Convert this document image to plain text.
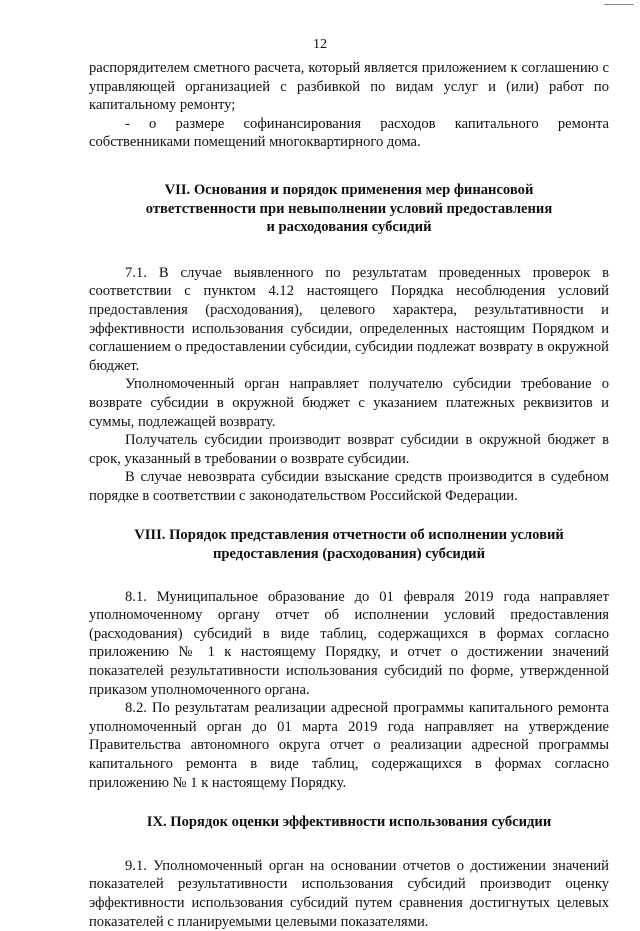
12

распорядителем сметного расчета, который является приложением к соглашению с управляющей организацией с разбивкой по видам услуг и (или) работ по капитальному ремонту;

- о размере софинансирования расходов капитального ремонта собственниками помещений многоквартирного дома.

VII. Основания и порядок применения мер финансовой
ответственности при невыполнении условий предоставления
и расходования субсидий

7.1. В случае выявленного по результатам проведенных проверок в соответствии с пунктом 4.12 настоящего Порядка несоблюдения условий предоставления (расходования), целевого характера, результативности и эффективности использования субсидии, определенных настоящим Порядком и соглашением о предоставлении субсидии, субсидии подлежат возврату в окружной бюджет.

Уполномоченный орган направляет получателю субсидии требование о возврате субсидии в окружной бюджет с указанием платежных реквизитов и суммы, подлежащей возврату.

Получатель субсидии производит возврат субсидии в окружной бюджет в срок, указанный в требовании о возврате субсидии.

В случае невозврата субсидии взыскание средств производится в судебном порядке в соответствии с законодательством Российской Федерации.

VIII. Порядок представления отчетности об исполнении условий
предоставления (расходования) субсидий

8.1. Муниципальное образование до 01 февраля 2019 года направляет уполномоченному органу отчет об исполнении условий предоставления (расходования) субсидий в виде таблиц, содержащихся в формах согласно приложению № 1 к настоящему Порядку, и отчет о достижении значений показателей результативности использования субсидий по форме, утвержденной приказом уполномоченного органа.

8.2. По результатам реализации адресной программы капитального ремонта уполномоченный орган до 01 марта 2019 года направляет на утверждение Правительства автономного округа отчет о реализации адресной программы капитального ремонта в виде таблиц, содержащихся в формах согласно приложению № 1 к настоящему Порядку.

IX. Порядок оценки эффективности использования субсидии

9.1. Уполномоченный орган на основании отчетов о достижении значений показателей результативности использования субсидий производит оценку эффективности использования субсидий путем сравнения достигнутых целевых показателей с планируемыми целевыми показателями.
